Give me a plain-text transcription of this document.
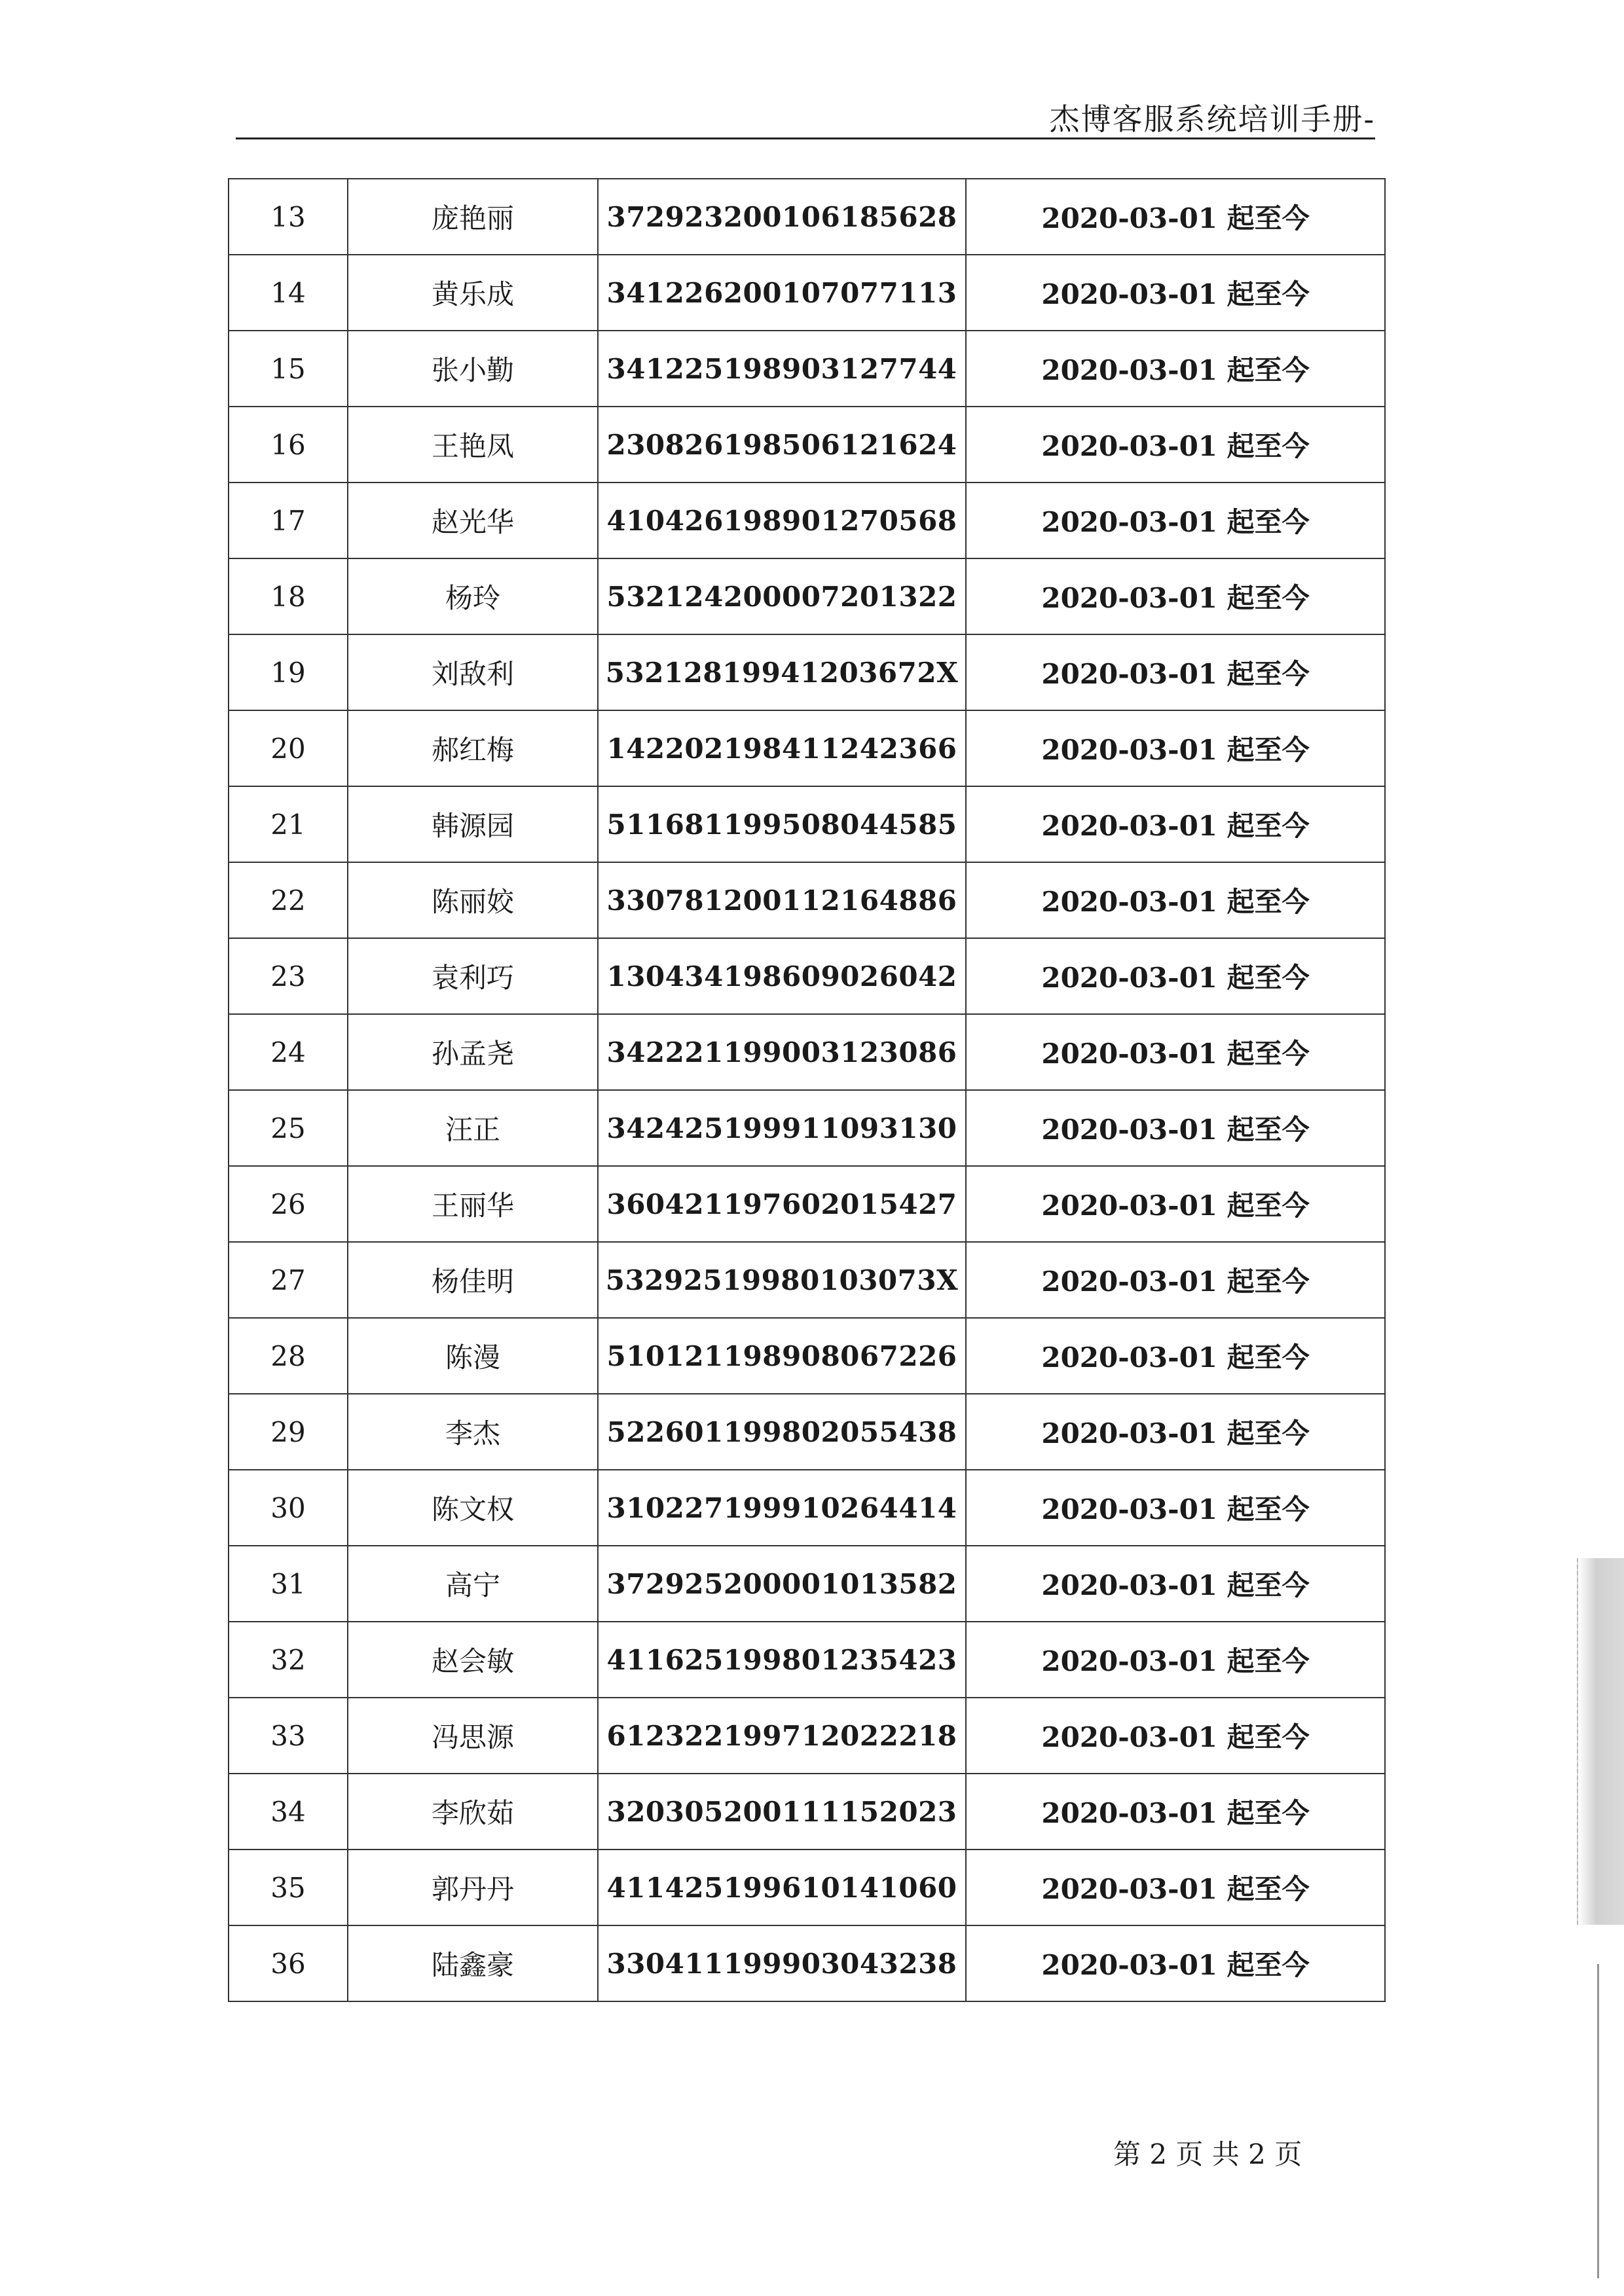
杰博客服系统培训手册-
13	庞艳丽	372923200106185628	2020-03-01 起至今
14	黄乐成	341226200107077113	2020-03-01 起至今
15	张小勤	341225198903127744	2020-03-01 起至今
16	王艳凤	230826198506121624	2020-03-01 起至今
17	赵光华	410426198901270568	2020-03-01 起至今
18	杨玲	532124200007201322	2020-03-01 起至今
19	刘敌利	53212819941203672X	2020-03-01 起至今
20	郝红梅	142202198411242366	2020-03-01 起至今
21	韩源园	511681199508044585	2020-03-01 起至今
22	陈丽姣	330781200112164886	2020-03-01 起至今
23	袁利巧	130434198609026042	2020-03-01 起至今
24	孙孟尧	342221199003123086	2020-03-01 起至今
25	汪正	342425199911093130	2020-03-01 起至今
26	王丽华	360421197602015427	2020-03-01 起至今
27	杨佳明	53292519980103073X	2020-03-01 起至今
28	陈漫	510121198908067226	2020-03-01 起至今
29	李杰	522601199802055438	2020-03-01 起至今
30	陈文权	310227199910264414	2020-03-01 起至今
31	高宁	372925200001013582	2020-03-01 起至今
32	赵会敏	411625199801235423	2020-03-01 起至今
33	冯思源	612322199712022218	2020-03-01 起至今
34	李欣茹	320305200111152023	2020-03-01 起至今
35	郭丹丹	411425199610141060	2020-03-01 起至今
36	陆鑫豪	330411199903043238	2020-03-01 起至今
第 2 页 共 2 页
